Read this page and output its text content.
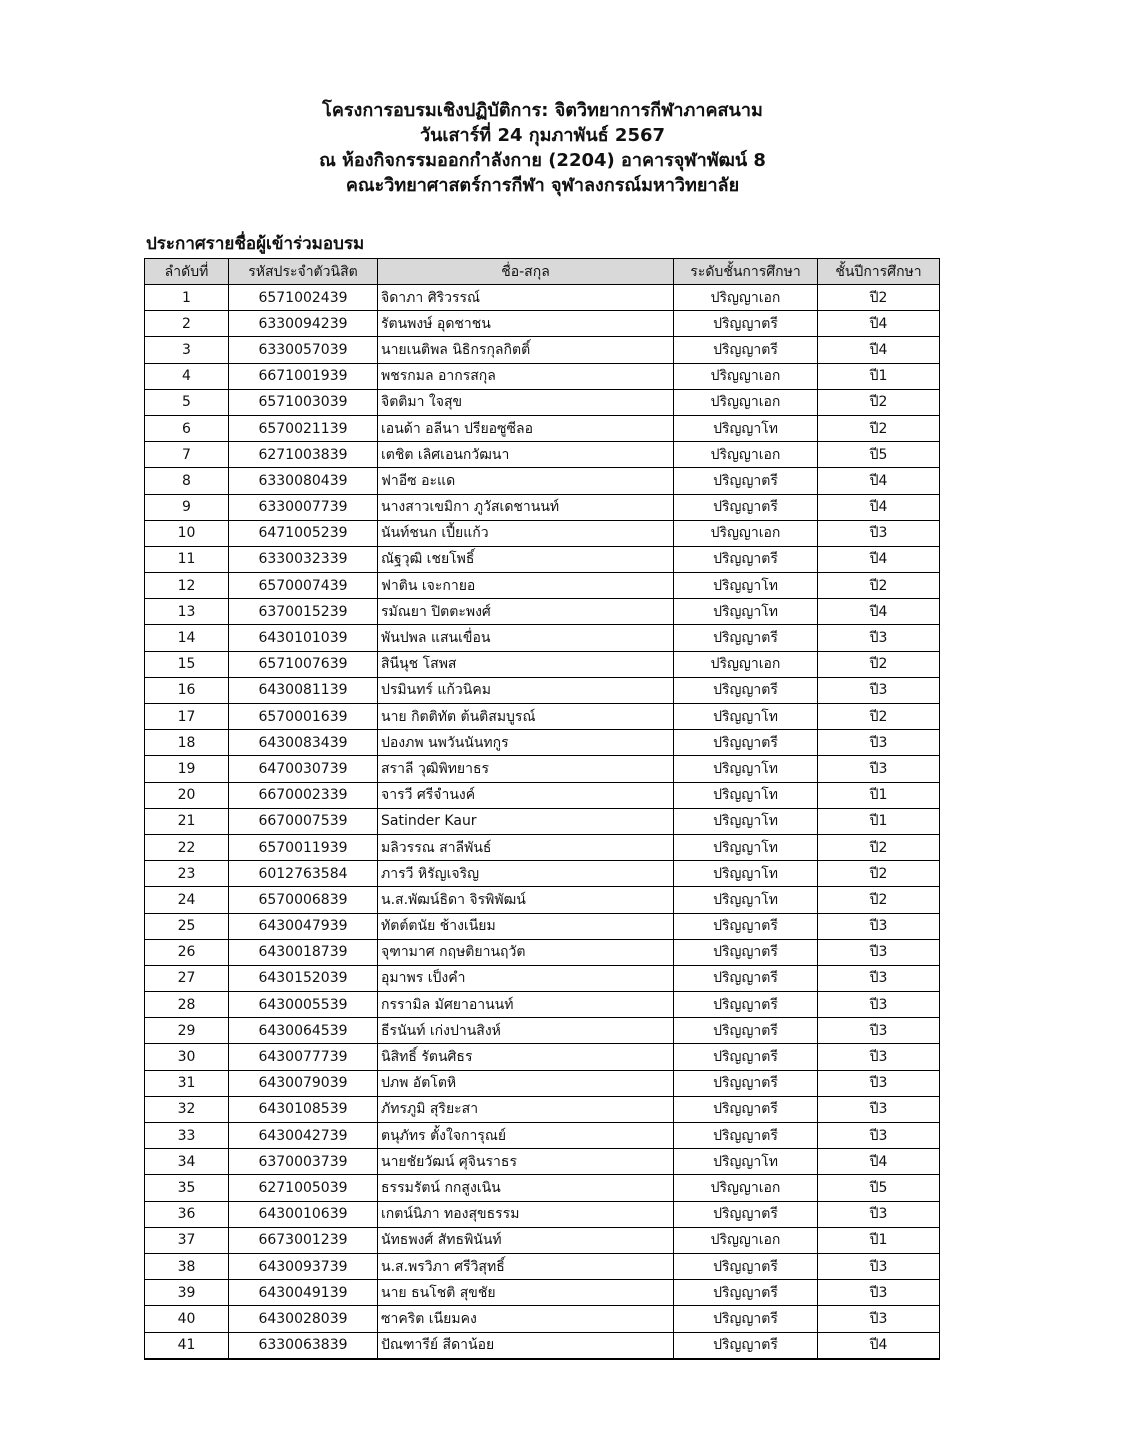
โครงการอบรมเชิงปฏิบัติการ: จิตวิทยาการกีฬาภาคสนาม
วันเสาร์ที่ 24 กุมภาพันธ์ 2567
ณ ห้องกิจกรรมออกกำลังกาย (2204) อาคารจุฬาพัฒน์ 8
คณะวิทยาศาสตร์การกีฬา จุฬาลงกรณ์มหาวิทยาลัย
ประกาศรายชื่อผู้เข้าร่วมอบรม
ลำดับที่	รหัสประจำตัวนิสิต	ชื่อ-สกุล	ระดับชั้นการศึกษา	ชั้นปีการศึกษา
1	6571002439	จิดาภา ศิริวรรณ์	ปริญญาเอก	ปี2
2	6330094239	รัตนพงษ์ อุดชาชน	ปริญญาตรี	ปี4
3	6330057039	นายเนติพล นิธิกรกุลกิตติ์	ปริญญาตรี	ปี4
4	6671001939	พชรกมล อากรสกุล	ปริญญาเอก	ปี1
5	6571003039	จิตติมา ใจสุข	ปริญญาเอก	ปี2
6	6570021139	เอนด้า อลีนา ปรียอซูซีลอ	ปริญญาโท	ปี2
7	6271003839	เตชิต เลิศเอนกวัฒนา	ปริญญาเอก	ปี5
8	6330080439	ฟาอีซ อะแด	ปริญญาตรี	ปี4
9	6330007739	นางสาวเขมิกา ภูวัสเดชานนท์	ปริญญาตรี	ปี4
10	6471005239	นันท์ชนก เปี้ยแก้ว	ปริญญาเอก	ปี3
11	6330032339	ณัฐวุฒิ เชยโพธิ์	ปริญญาตรี	ปี4
12	6570007439	ฟาติน เจะกายอ	ปริญญาโท	ปี2
13	6370015239	รมัณยา ปิตตะพงศ์	ปริญญาโท	ปี4
14	6430101039	พันปพล แสนเขื่อน	ปริญญาตรี	ปี3
15	6571007639	สินีนุช โสพส	ปริญญาเอก	ปี2
16	6430081139	ปรมินทร์ แก้วนิคม	ปริญญาตรี	ปี3
17	6570001639	นาย กิตติทัต ต้นติสมบูรณ์	ปริญญาโท	ปี2
18	6430083439	ปองภพ นพวันนันทกูร	ปริญญาตรี	ปี3
19	6470030739	สราลี วุฒิพิทยาธร	ปริญญาโท	ปี3
20	6670002339	จารวี ศรีจำนงค์	ปริญญาโท	ปี1
21	6670007539	Satinder Kaur	ปริญญาโท	ปี1
22	6570011939	มลิวรรณ สาลีพันธ์	ปริญญาโท	ปี2
23	6012763584	ภารวี หิรัญเจริญ	ปริญญาโท	ปี2
24	6570006839	น.ส.พัฒน์ธิดา จิรพิพัฒน์	ปริญญาโท	ปี2
25	6430047939	ทัตต์ตนัย ช้างเนียม	ปริญญาตรี	ปี3
26	6430018739	จุฑามาศ กฤษติยานฤวัต	ปริญญาตรี	ปี3
27	6430152039	อุมาพร เป็งคำ	ปริญญาตรี	ปี3
28	6430005539	กรรามิล มัศยาอานนท์	ปริญญาตรี	ปี3
29	6430064539	ธีรนันท์ เก่งปานสิงห์	ปริญญาตรี	ปี3
30	6430077739	นิสิทธิ์ รัตนศิธร	ปริญญาตรี	ปี3
31	6430079039	ปภพ อัตโตหิ	ปริญญาตรี	ปี3
32	6430108539	ภัทรภูมิ สุริยะสา	ปริญญาตรี	ปี3
33	6430042739	ตนุภัทร ตั้งใจการุณย์	ปริญญาตรี	ปี3
34	6370003739	นายชัยวัฒน์ ศุจินราธร	ปริญญาโท	ปี4
35	6271005039	ธรรมรัตน์ กกสูงเนิน	ปริญญาเอก	ปี5
36	6430010639	เกตน์นิภา ทองสุขธรรม	ปริญญาตรี	ปี3
37	6673001239	นัทธพงศ์ สัทธพินันท์	ปริญญาเอก	ปี1
38	6430093739	น.ส.พรวิภา ศรีวิสุทธิ์	ปริญญาตรี	ปี3
39	6430049139	นาย ธนโชติ สุขชัย	ปริญญาตรี	ปี3
40	6430028039	ซาคริต เนียมคง	ปริญญาตรี	ปี3
41	6330063839	ปัณฑารีย์ สีดาน้อย	ปริญญาตรี	ปี4
